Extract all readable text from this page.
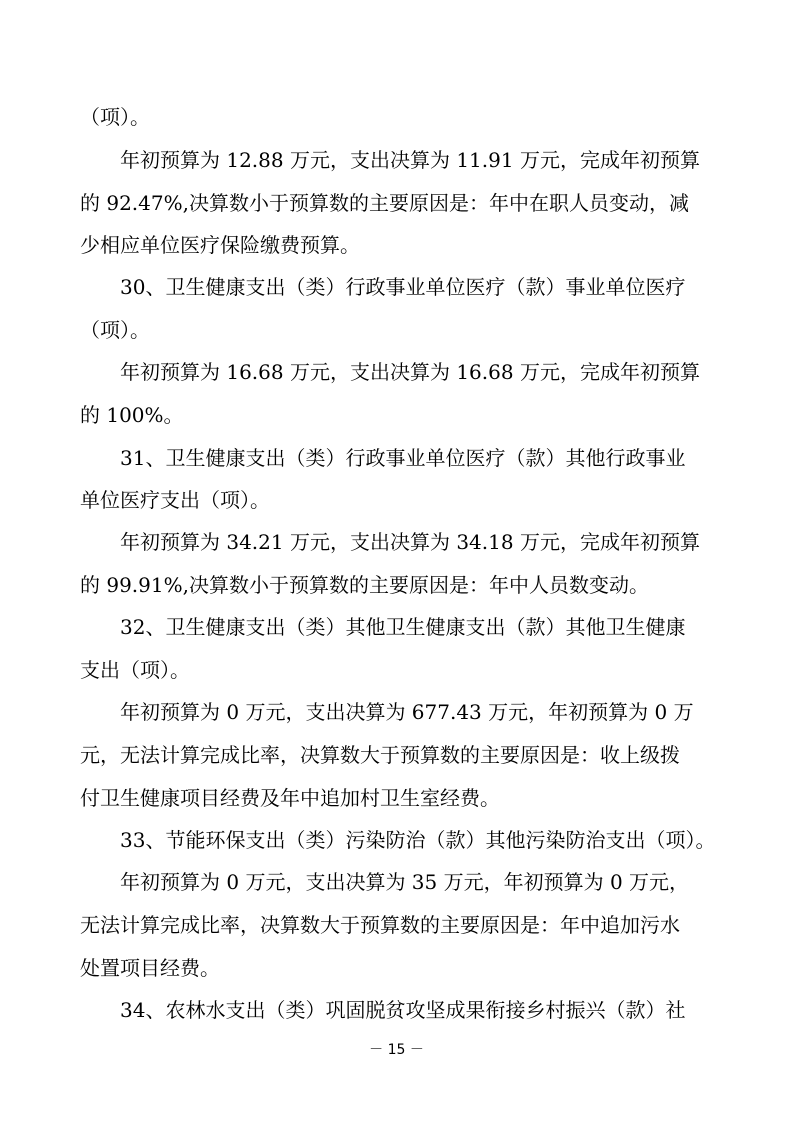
（项）。
年初预算为 12.88 万元，支出决算为 11.91 万元，完成年初预算
的 92.47%,决算数小于预算数的主要原因是：年中在职人员变动，减
少相应单位医疗保险缴费预算。
30、卫生健康支出（类）行政事业单位医疗（款）事业单位医疗
（项）。
年初预算为 16.68 万元，支出决算为 16.68 万元，完成年初预算
的 100%。
31、卫生健康支出（类）行政事业单位医疗（款）其他行政事业
单位医疗支出（项）。
年初预算为 34.21 万元，支出决算为 34.18 万元，完成年初预算
的 99.91%,决算数小于预算数的主要原因是：年中人员数变动。
32、卫生健康支出（类）其他卫生健康支出（款）其他卫生健康
支出（项）。
年初预算为 0 万元，支出决算为 677.43 万元，年初预算为 0 万
元，无法计算完成比率，决算数大于预算数的主要原因是：收上级拨
付卫生健康项目经费及年中追加村卫生室经费。
33、节能环保支出（类）污染防治（款）其他污染防治支出（项）。
年初预算为 0 万元，支出决算为 35 万元，年初预算为 0 万元，
无法计算完成比率，决算数大于预算数的主要原因是：年中追加污水
处置项目经费。
34、农林水支出（类）巩固脱贫攻坚成果衔接乡村振兴（款）社
－ 15 －
